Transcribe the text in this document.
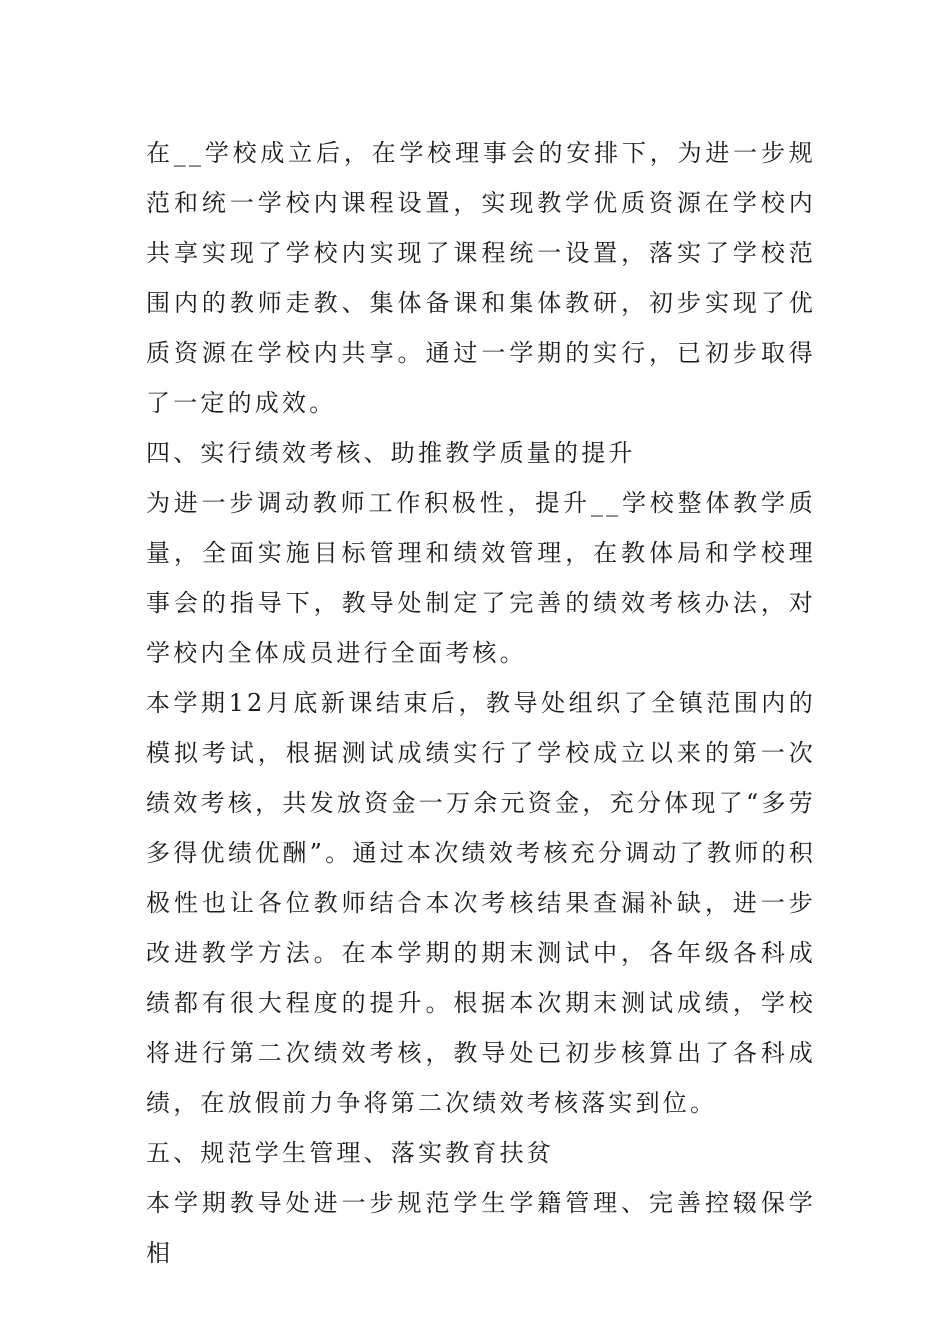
在__学校成立后，在学校理事会的安排下，为进一步规范和统一学校内课程设置，实现教学优质资源在学校内共享实现了学校内实现了课程统一设置，落实了学校范围内的教师走教、集体备课和集体教研，初步实现了优质资源在学校内共享。通过一学期的实行，已初步取得了一定的成效。

四、实行绩效考核、助推教学质量的提升

为进一步调动教师工作积极性，提升__学校整体教学质量，全面实施目标管理和绩效管理，在教体局和学校理事会的指导下，教导处制定了完善的绩效考核办法，对学校内全体成员进行全面考核。

本学期12月底新课结束后，教导处组织了全镇范围内的模拟考试，根据测试成绩实行了学校成立以来的第一次绩效考核，共发放资金一万余元资金，充分体现了“多劳多得优绩优酬”。通过本次绩效考核充分调动了教师的积极性也让各位教师结合本次考核结果查漏补缺，进一步改进教学方法。在本学期的期末测试中，各年级各科成绩都有很大程度的提升。根据本次期末测试成绩，学校将进行第二次绩效考核，教导处已初步核算出了各科成绩，在放假前力争将第二次绩效考核落实到位。

五、规范学生管理、落实教育扶贫

本学期教导处进一步规范学生学籍管理、完善控辍保学相
